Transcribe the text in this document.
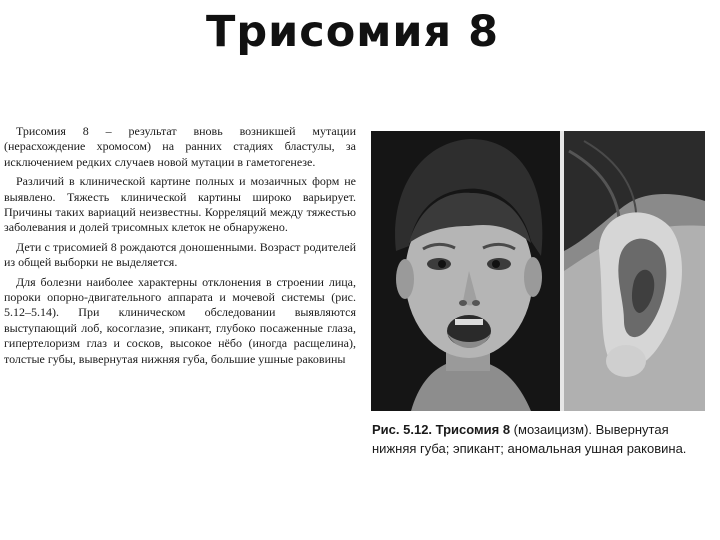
Трисомия 8

Трисомия 8 – результат вновь возникшей мутации (нерасхождение хромосом) на ранних стадиях бластулы, за исключением редких случаев новой мутации в гаметогенезе.

Различий в клинической картине полных и мозаичных форм не выявлено. Тяжесть клинической картины широко варьирует. Причины таких вариаций неизвестны. Корреляций между тяжестью заболевания и долей трисомных клеток не обнаружено.

Дети с трисомией 8 рождаются доношенными. Возраст родителей из общей выборки не выделяется.

Для болезни наиболее характерны отклонения в строении лица, пороки опорно-двигательного аппарата и мочевой системы (рис. 5.12–5.14). При клиническом обследовании выявляются выступающий лоб, косоглазие, эпикант, глубоко посаженные глаза, гипертелоризм глаз и сосков, высокое нёбо (иногда расщелина), толстые губы, вывернутая нижняя губа, большие ушные раковины

Рис. 5.12. Трисомия 8 (мозаицизм). Вывернутая нижняя губа; эпикант; аномальная ушная раковина.
